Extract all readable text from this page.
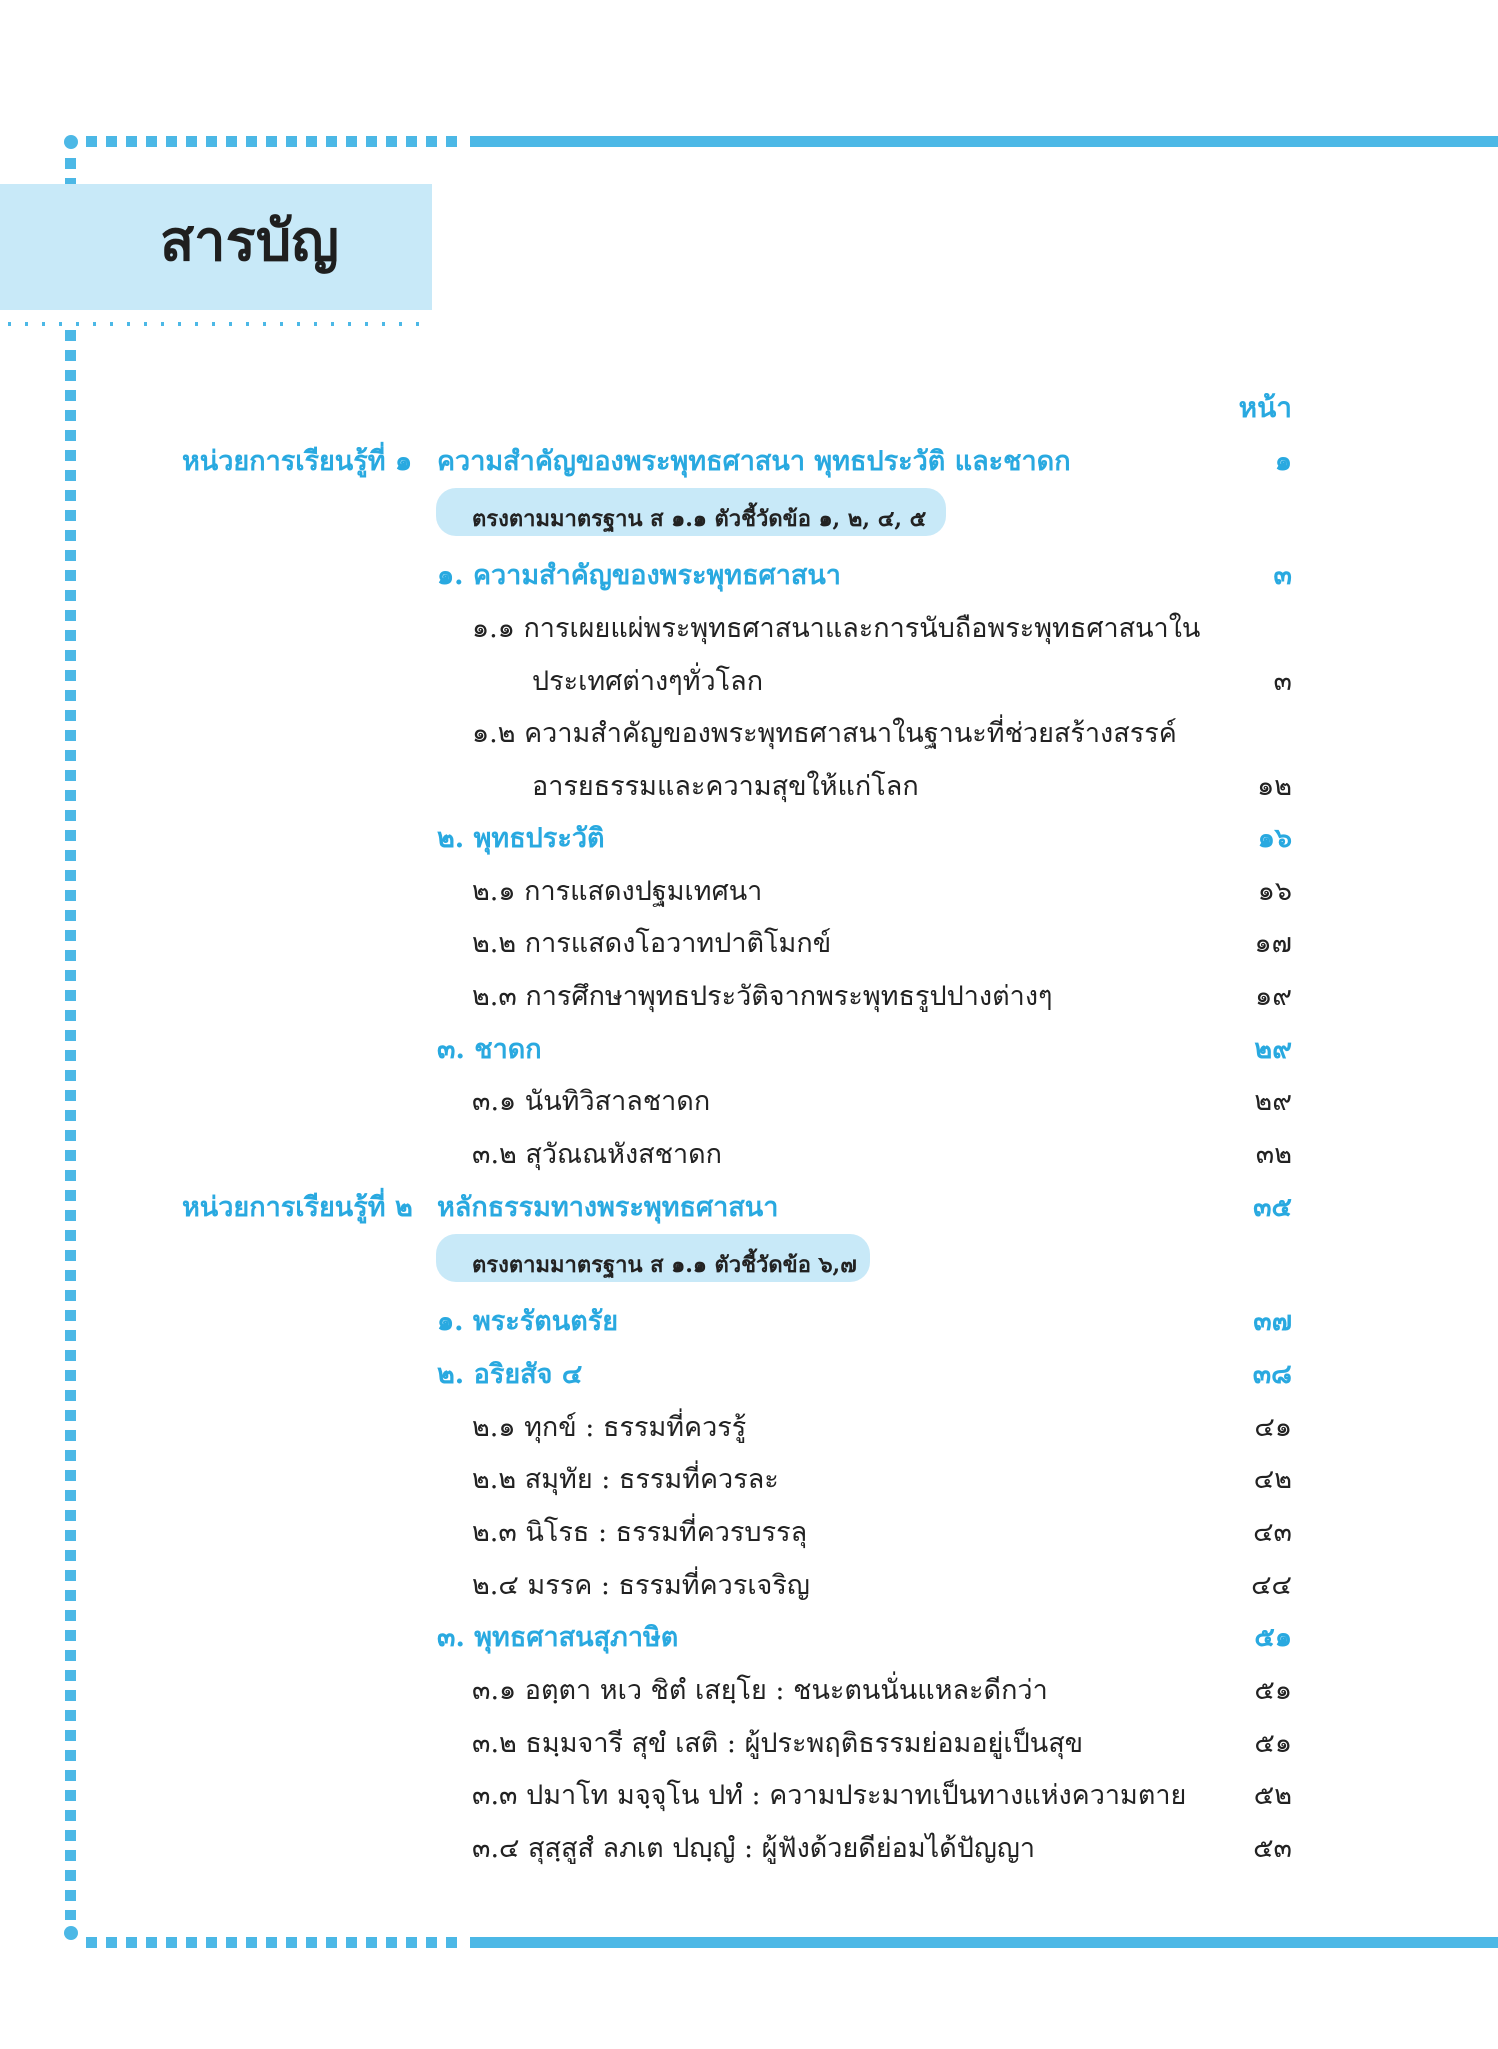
สารบัญ
หน้า
หน่วยการเรียนรู้ที่ ๑ ความสำคัญของพระพุทธศาสนา พุทธประวัติ และชาดก	๑
ตรงตามมาตรฐาน ส ๑.๑ ตัวชี้วัดข้อ ๑, ๒, ๔, ๕
๑. ความสำคัญของพระพุทธศาสนา	๓
๑.๑ การเผยแผ่พระพุทธศาสนาและการนับถือพระพุทธศาสนาใน
ประเทศต่างๆทั่วโลก	๓
๑.๒ ความสำคัญของพระพุทธศาสนาในฐานะที่ช่วยสร้างสรรค์
อารยธรรมและความสุขให้แก่โลก	๑๒
๒. พุทธประวัติ	๑๖
๒.๑ การแสดงปฐมเทศนา	๑๖
๒.๒ การแสดงโอวาทปาติโมกข์	๑๗
๒.๓ การศึกษาพุทธประวัติจากพระพุทธรูปปางต่างๆ	๑๙
๓. ชาดก	๒๙
๓.๑ นันทิวิสาลชาดก	๒๙
๓.๒ สุวัณณหังสชาดก	๓๒
หน่วยการเรียนรู้ที่ ๒ หลักธรรมทางพระพุทธศาสนา	๓๕
ตรงตามมาตรฐาน ส ๑.๑ ตัวชี้วัดข้อ ๖,๗
๑. พระรัตนตรัย	๓๗
๒. อริยสัจ ๔	๓๘
๒.๑ ทุกข์ : ธรรมที่ควรรู้	๔๑
๒.๒ สมุทัย : ธรรมที่ควรละ	๔๒
๒.๓ นิโรธ : ธรรมที่ควรบรรลุ	๔๓
๒.๔ มรรค : ธรรมที่ควรเจริญ	๔๔
๓. พุทธศาสนสุภาษิต	๕๑
๓.๑ อตฺตา หเว ชิตํ เสยฺโย : ชนะตนนั่นแหละดีกว่า	๕๑
๓.๒ ธมฺมจารี สุขํ เสติ : ผู้ประพฤติธรรมย่อมอยู่เป็นสุข	๕๑
๓.๓ ปมาโท มจฺจุโน ปทํ : ความประมาทเป็นทางแห่งความตาย	๕๒
๓.๔ สุสฺสูสํ ลภเต ปญฺญํ : ผู้ฟังด้วยดีย่อมได้ปัญญา	๕๓
